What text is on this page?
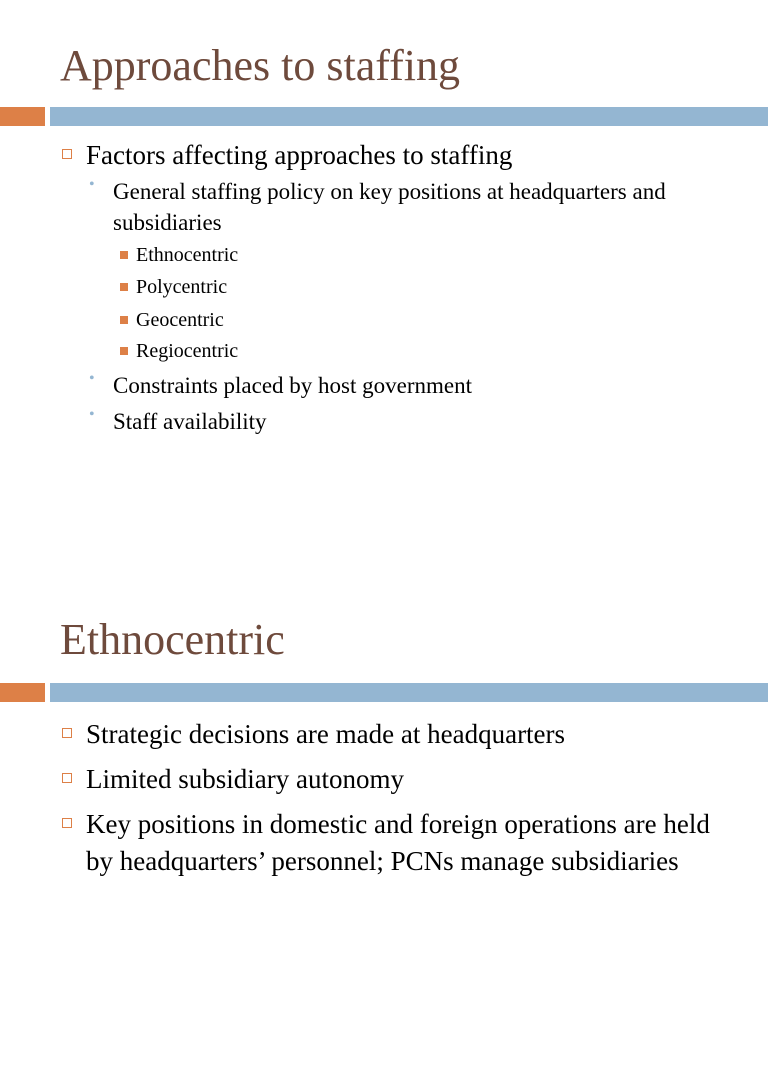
Approaches to staffing
Factors affecting approaches to staffing
• General staffing policy on key positions at headquarters and subsidiaries
Ethnocentric
Polycentric
Geocentric
Regiocentric
• Constraints placed by host government
• Staff availability
Ethnocentric
Strategic decisions are made at headquarters
Limited subsidiary autonomy
Key positions in domestic and foreign operations are held by headquarters’ personnel; PCNs manage subsidiaries
